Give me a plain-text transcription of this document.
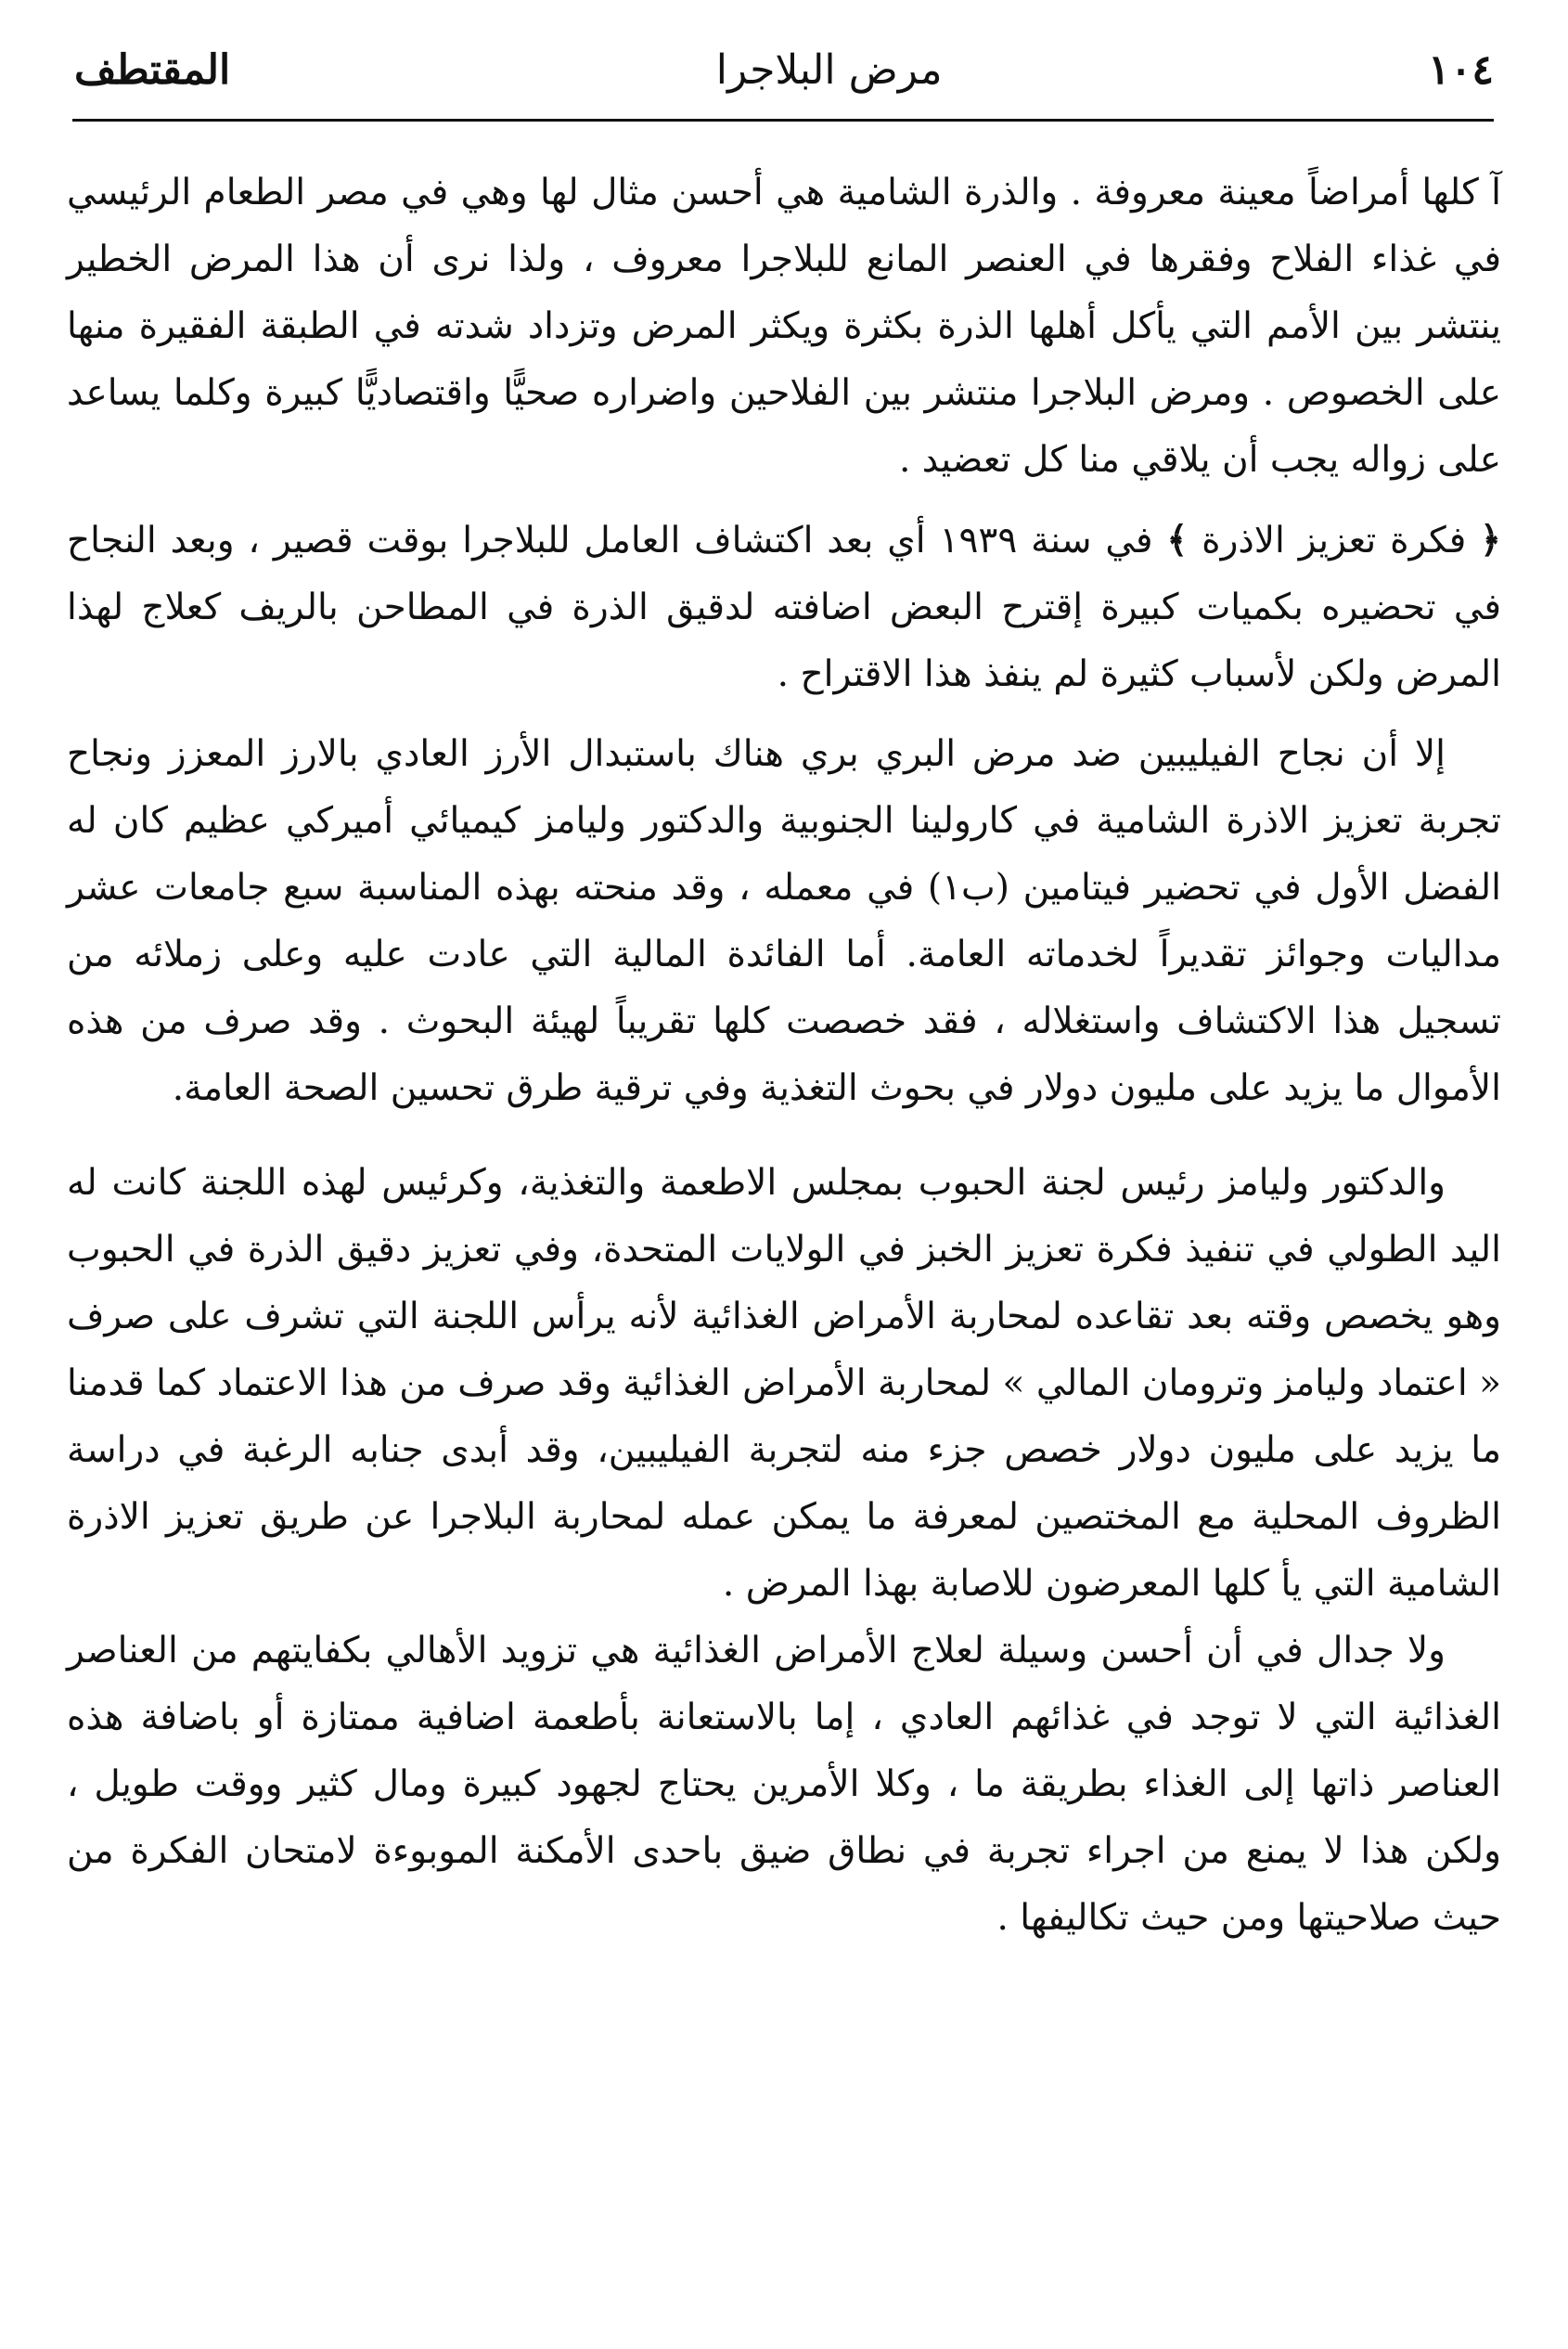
١٠٤
مرض البلاجرا
المقتطف

آ كلها أمراضاً معينة معروفة . والذرة الشامية هي أحسن مثال لها وهي في مصر الطعام الرئيسي في غذاء الفلاح وفقرها في العنصر المانع للبلاجرا معروف ، ولذا نرى أن هذا المرض الخطير ينتشر بين الأمم التي يأكل أهلها الذرة بكثرة ويكثر المرض وتزداد شدته في الطبقة الفقيرة منها على الخصوص . ومرض البلاجرا منتشر بين الفلاحين واضراره صحيًّا واقتصاديًّا كبيرة وكلما يساعد على زواله يجب أن يلاقي منا كل تعضيد .

﴿ فكرة تعزيز الاذرة ﴾ في سنة ١٩٣٩ أي بعد اكتشاف العامل للبلاجرا بوقت قصير ، وبعد النجاح في تحضيره بكميات كبيرة إقترح البعض اضافته لدقيق الذرة في المطاحن بالريف كعلاج لهذا المرض ولكن لأسباب كثيرة لم ينفذ هذا الاقتراح .

إلا أن نجاح الفيليبين ضد مرض البري بري هناك باستبدال الأرز العادي بالارز المعزز ونجاح تجربة تعزيز الاذرة الشامية في كارولينا الجنوبية والدكتور وليامز كيميائي أميركي عظيم كان له الفضل الأول في تحضير فيتامين (ب١) في معمله ، وقد منحته بهذه المناسبة سبع جامعات عشر مداليات وجوائز تقديراً لخدماته العامة. أما الفائدة المالية التي عادت عليه وعلى زملائه من تسجيل هذا الاكتشاف واستغلاله ، فقد خصصت كلها تقريباً لهيئة البحوث . وقد صرف من هذه الأموال ما يزيد على مليون دولار في بحوث التغذية وفي ترقية طرق تحسين الصحة العامة.

والدكتور وليامز رئيس لجنة الحبوب بمجلس الاطعمة والتغذية، وكرئيس لهذه اللجنة كانت له اليد الطولي في تنفيذ فكرة تعزيز الخبز في الولايات المتحدة، وفي تعزيز دقيق الذرة في الحبوب وهو يخصص وقته بعد تقاعده لمحاربة الأمراض الغذائية لأنه يرأس اللجنة التي تشرف على صرف « اعتماد وليامز وترومان المالي » لمحاربة الأمراض الغذائية وقد صرف من هذا الاعتماد كما قدمنا ما يزيد على مليون دولار خصص جزء منه لتجربة الفيليبين، وقد أبدى جنابه الرغبة في دراسة الظروف المحلية مع المختصين لمعرفة ما يمكن عمله لمحاربة البلاجرا عن طريق تعزيز الاذرة الشامية التي يأ كلها المعرضون للاصابة بهذا المرض .

ولا جدال في أن أحسن وسيلة لعلاج الأمراض الغذائية هي تزويد الأهالي بكفايتهم من العناصر الغذائية التي لا توجد في غذائهم العادي ، إما بالاستعانة بأطعمة اضافية ممتازة أو باضافة هذه العناصر ذاتها إلى الغذاء بطريقة ما ، وكلا الأمرين يحتاج لجهود كبيرة ومال كثير ووقت طويل ، ولكن هذا لا يمنع من اجراء تجربة في نطاق ضيق باحدى الأمكنة الموبوءة لامتحان الفكرة من حيث صلاحيتها ومن حيث تكاليفها .
